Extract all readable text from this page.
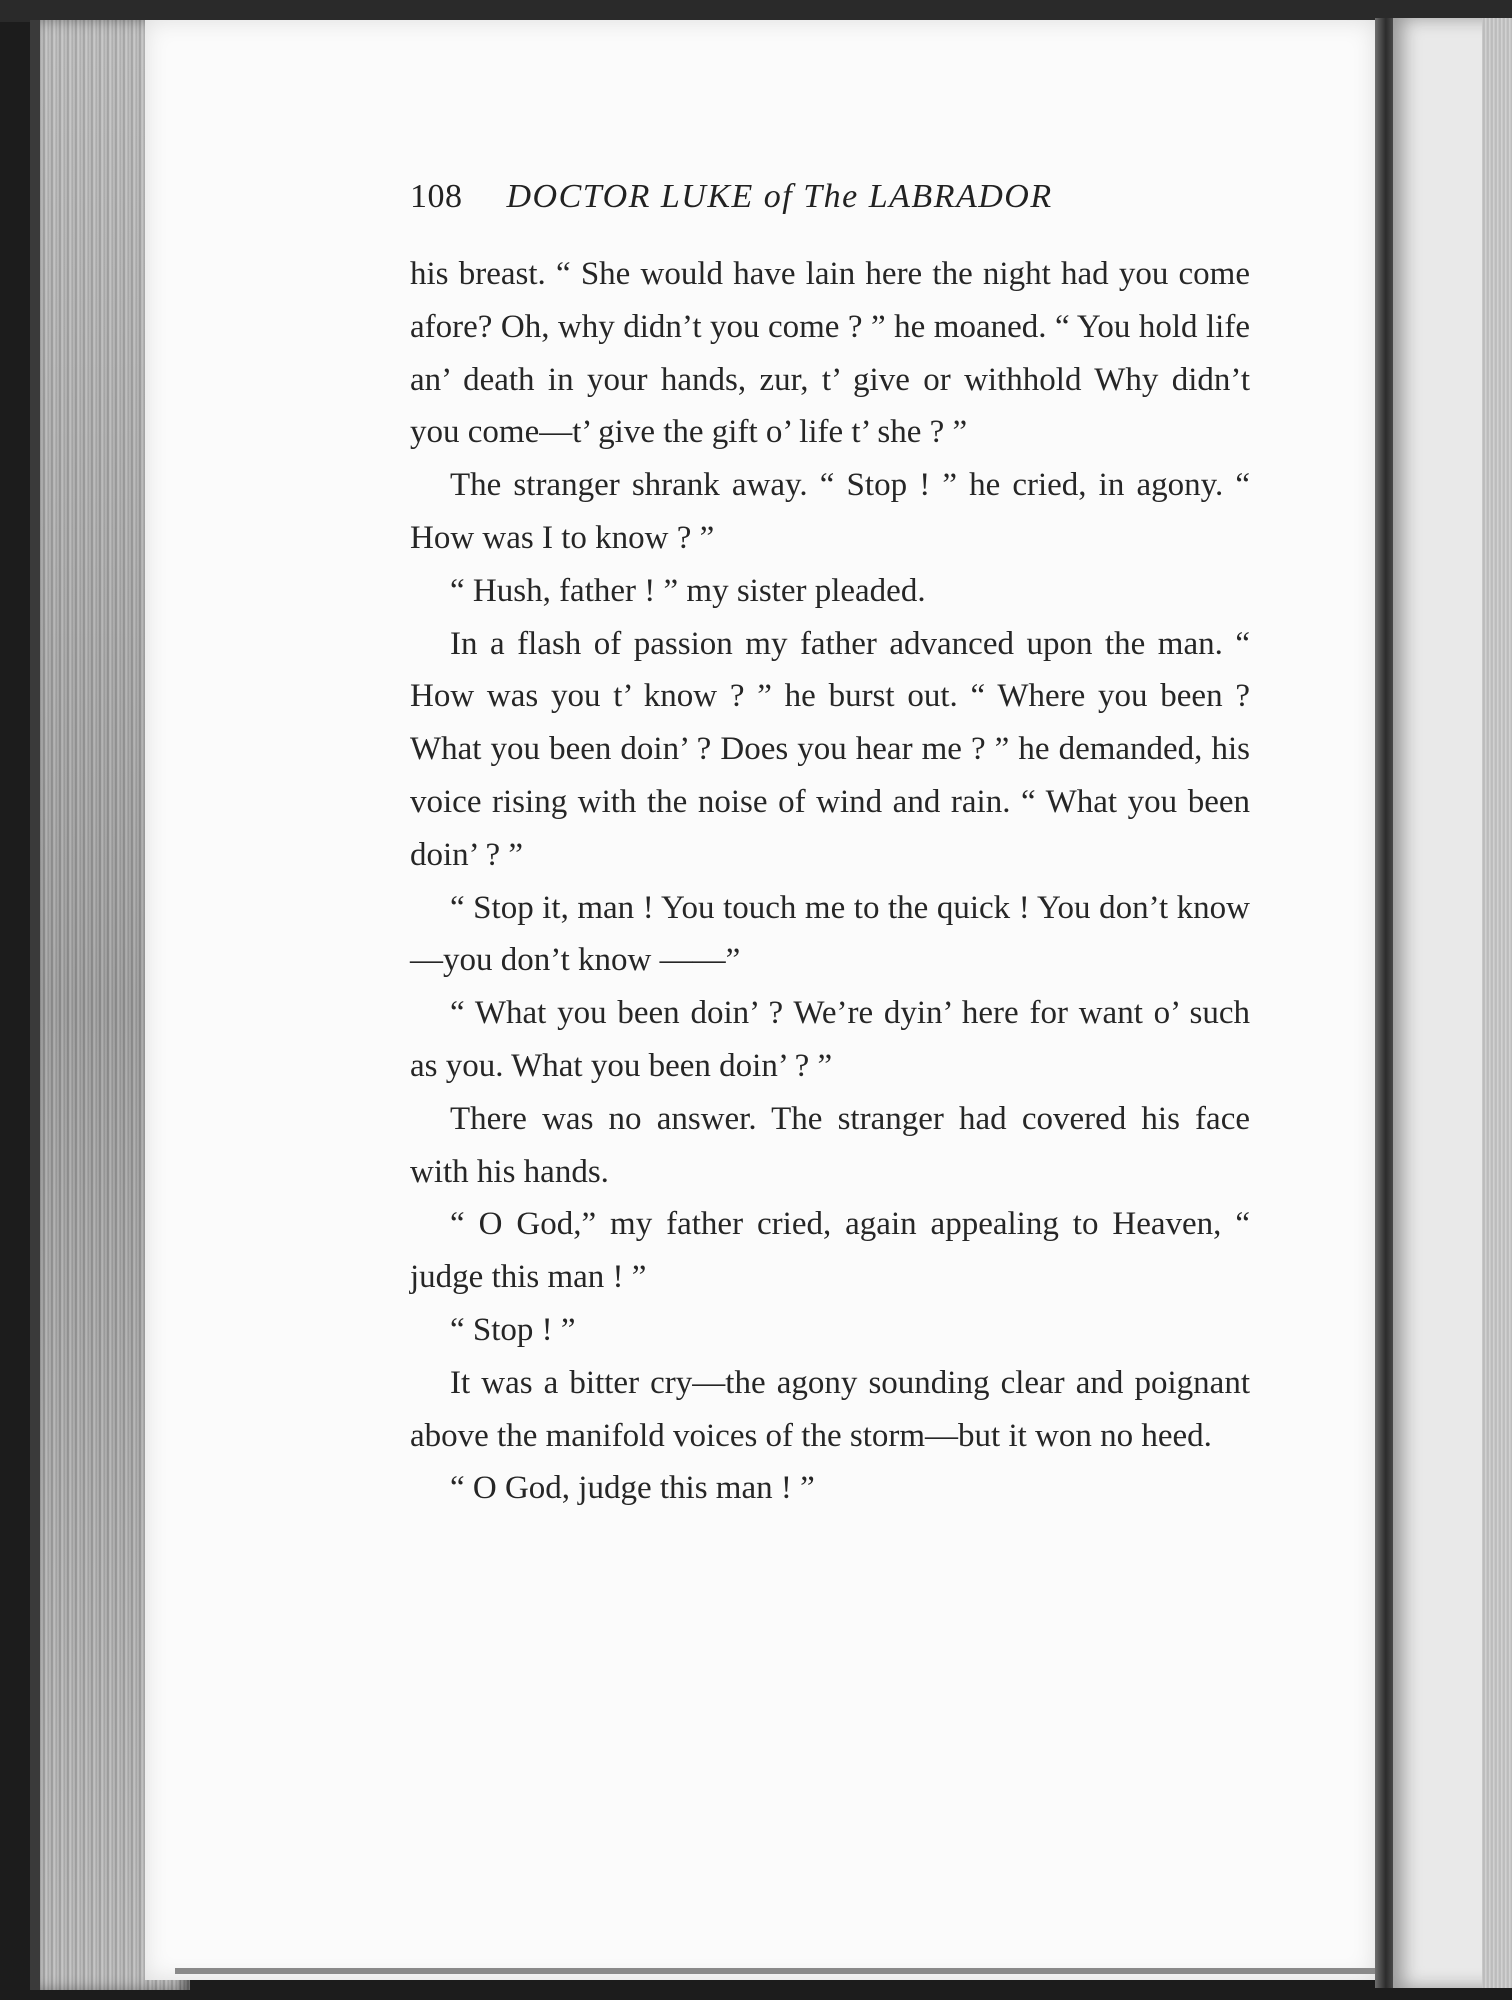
108 DOCTOR LUKE of The LABRADOR

his breast. “ She would have lain here the night had you come afore? Oh, why didn’t you come ? ” he moaned. “ You hold life an’ death in your hands, zur, t’ give or withhold Why didn’t you come—t’ give the gift o’ life t’ she ? ”

The stranger shrank away. “ Stop ! ” he cried, in agony. “ How was I to know ? ”

“ Hush, father ! ” my sister pleaded.

In a flash of passion my father advanced upon the man. “ How was you t’ know ? ” he burst out. “ Where you been ? What you been doin’ ? Does you hear me ? ” he demanded, his voice rising with the noise of wind and rain. “ What you been doin’ ? ”

“ Stop it, man ! You touch me to the quick ! You don’t know—you don’t know ——”

“ What you been doin’ ? We’re dyin’ here for want o’ such as you. What you been doin’ ? ”

There was no answer. The stranger had covered his face with his hands.

“ O God,” my father cried, again appealing to Heaven, “ judge this man ! ”

“ Stop ! ”

It was a bitter cry—the agony sounding clear and poignant above the manifold voices of the storm—but it won no heed.

“ O God, judge this man ! ”
